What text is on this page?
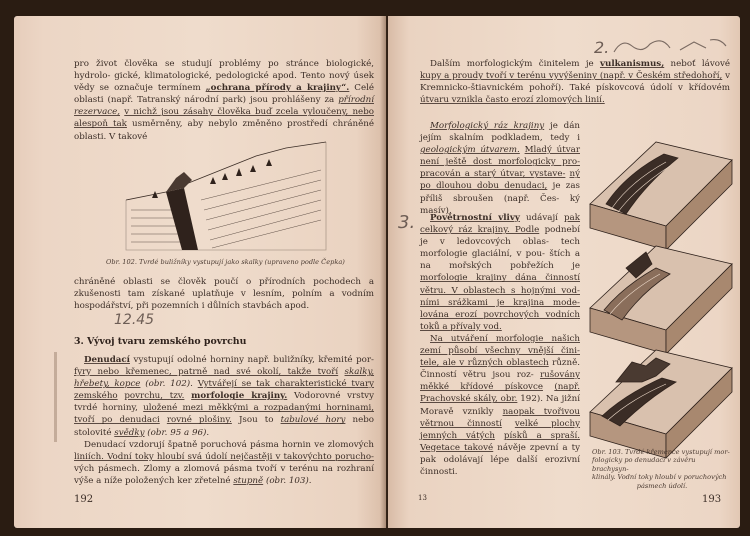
pro život člověka se studují problémy po stránce biologické, hydrolo- gické, klimatologické, pedologické apod. Tento nový úsek vědy se označuje termínem „ochrana přírody a krajiny“. Celé oblasti (např. Tatranský národní park) jsou prohlášeny za přírodní rezervace, v nichž jsou zásahy člověka buď zcela vyloučeny, nebo alespoň tak usměrněny, aby nebylo změněno prostředí chráněné oblasti. V takové

Obr. 102. Tvrdé buližníky vystupují jako skalky (upraveno podle Čepka)

chráněné oblasti se člověk poučí o přírodních pochodech a zkušenosti tam získané uplatňuje v lesním, polním a vodním hospodářství, při pozemních i důlních stavbách apod.

12.45
3. Vývoj tvaru zemského povrchu

Denudací vystupují odolné horniny např. buližníky, křemité por- fyry nebo křemenec, patrně nad své okolí, takže tvoří skalky, hřebety, kopce (obr. 102). Vytvářejí se tak charakteristické tvary zemského povrchu, tzv. morfologie krajiny. Vodorovné vrstvy tvrdé horniny, uložené mezi měkkými a rozpadanými horninami, tvoří po denudaci rovné plošiny. Jsou to tabulové hory nebo stolovité svědky (obr. 95 a 96).

Denudací vzdorují špatně poruchová pásma hornin ve zlomových liniích. Vodní toky hloubí svá údolí nejčastěji v takovýchto porucho- vých pásmech. Zlomy a zlomová pásma tvoří v terénu na rozhraní výše a níže položených ker zřetelné stupně (obr. 103).

192
2.

Dalším morfologickým činitelem je vulkanismus, neboť lávové kupy a proudy tvoří v terénu vyvýšeniny (např. v Českém středohoří, v Kremnicko-štiavnickém pohoří). Také pískovcová údolí v křídovém útvaru vznikla často erozí zlomových linií.

Morfologický ráz krajiny je dán jejím skalním podkladem, tedy i geologickým útvarem. Mladý útvar není ještě dost morfologicky pro- pracován a starý útvar, vystave- ný po dlouhou dobu denudaci, je zas příliš sbroušen (např. Čes- ký masív).

3.	Povětrnostní vlivy udávají pak celkový ráz krajiny. Podle podnebí je v ledovcových oblas- tech morfologie glaciální, v pou- štích a na mořských pobřežích je morfologie krajiny dána činností větru. V oblastech s hojnými vod- ními srážkami je krajina mode- lována erozí povrchových vodních toků a přívaly vod.

Na utváření morfologie našich zemí působí všechny vnější čini- tele, ale v různých oblastech různě. Činností větru jsou roz- rušovány měkké křídové pískovce (např. Prachovské skály, obr. 192). Na jižní Moravě vznikly naopak tvořivou větrnou činností velké plochy jemných vátých písků a spraší. Vegetace takové návěje zpevní a ty pak odolávají lépe další erozivní činnosti.

Obr. 103. Tvrdé křemence vystupují mor-
fologicky po denudaci v závěru brachysyn-
klinály. Vodní toky hloubí v poruchových
pásmech údolí.
13	193
